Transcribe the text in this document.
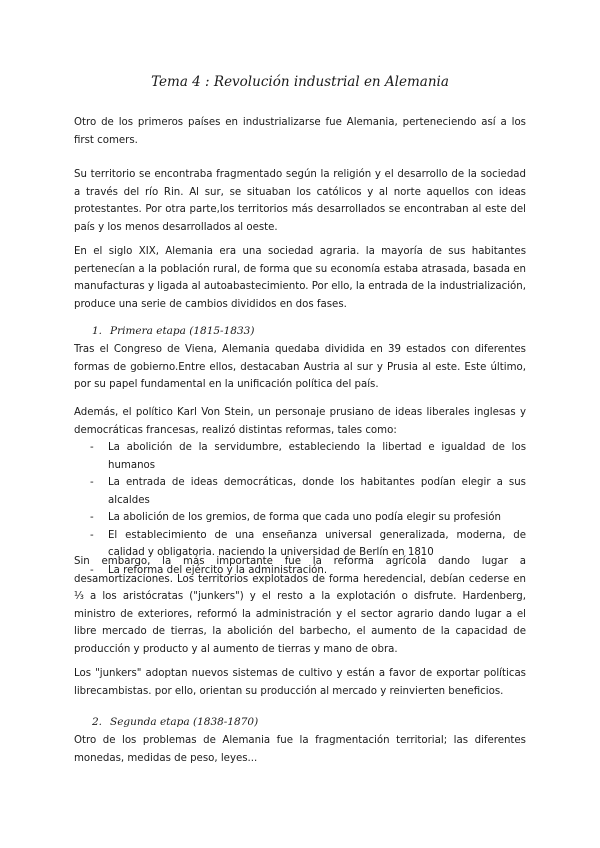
Tema 4 : Revolución industrial en Alemania

Otro de los primeros países en industrializarse fue Alemania, perteneciendo así a los first comers.

Su territorio se encontraba fragmentado según la religión y el desarrollo de la sociedad a través del río Rin. Al sur, se situaban los católicos y al norte aquellos con ideas protestantes. Por otra parte,los territorios más desarrollados se encontraban al este del país y los menos desarrollados al oeste.

En el siglo XIX, Alemania era una sociedad agraria. la mayoría de sus habitantes pertenecían a la población rural, de forma que su economía estaba atrasada, basada en manufacturas y ligada al autoabastecimiento. Por ello, la entrada de la industrialización, produce una serie de cambios divididos en dos fases.

1. Primera etapa (1815-1833)

Tras el Congreso de Viena, Alemania quedaba dividida en 39 estados con diferentes formas de gobierno.Entre ellos, destacaban Austria al sur y Prusia al este. Este último, por su papel fundamental en la unificación política del país.

Además, el político Karl Von Stein, un personaje prusiano de ideas liberales inglesas y democráticas francesas, realizó distintas reformas, tales como:

- La abolición de la servidumbre, estableciendo la libertad e igualdad de los humanos
- La entrada de ideas democráticas, donde los habitantes podían elegir a sus alcaldes
- La abolición de los gremios, de forma que cada uno podía elegir su profesión
- El establecimiento de una enseñanza universal generalizada, moderna, de calidad y obligatoria. naciendo la universidad de Berlín en 1810
- La reforma del ejército y la administración.

Sin embargo, la más importante fue la reforma agrícola dando lugar a desamortizaciones. Los territorios explotados de forma heredencial, debían cederse en ⅓ a los aristócratas ("junkers") y el resto a la explotación o disfrute. Hardenberg, ministro de exteriores, reformó la administración y el sector agrario dando lugar a el libre mercado de tierras, la abolición del barbecho, el aumento de la capacidad de producción y producto y al aumento de tierras y mano de obra.

Los "junkers" adoptan nuevos sistemas de cultivo y están a favor de exportar políticas librecambistas. por ello, orientan su producción al mercado y reinvierten beneficios.

2. Segunda etapa (1838-1870)

Otro de los problemas de Alemania fue la fragmentación territorial; las diferentes monedas, medidas de peso, leyes...
